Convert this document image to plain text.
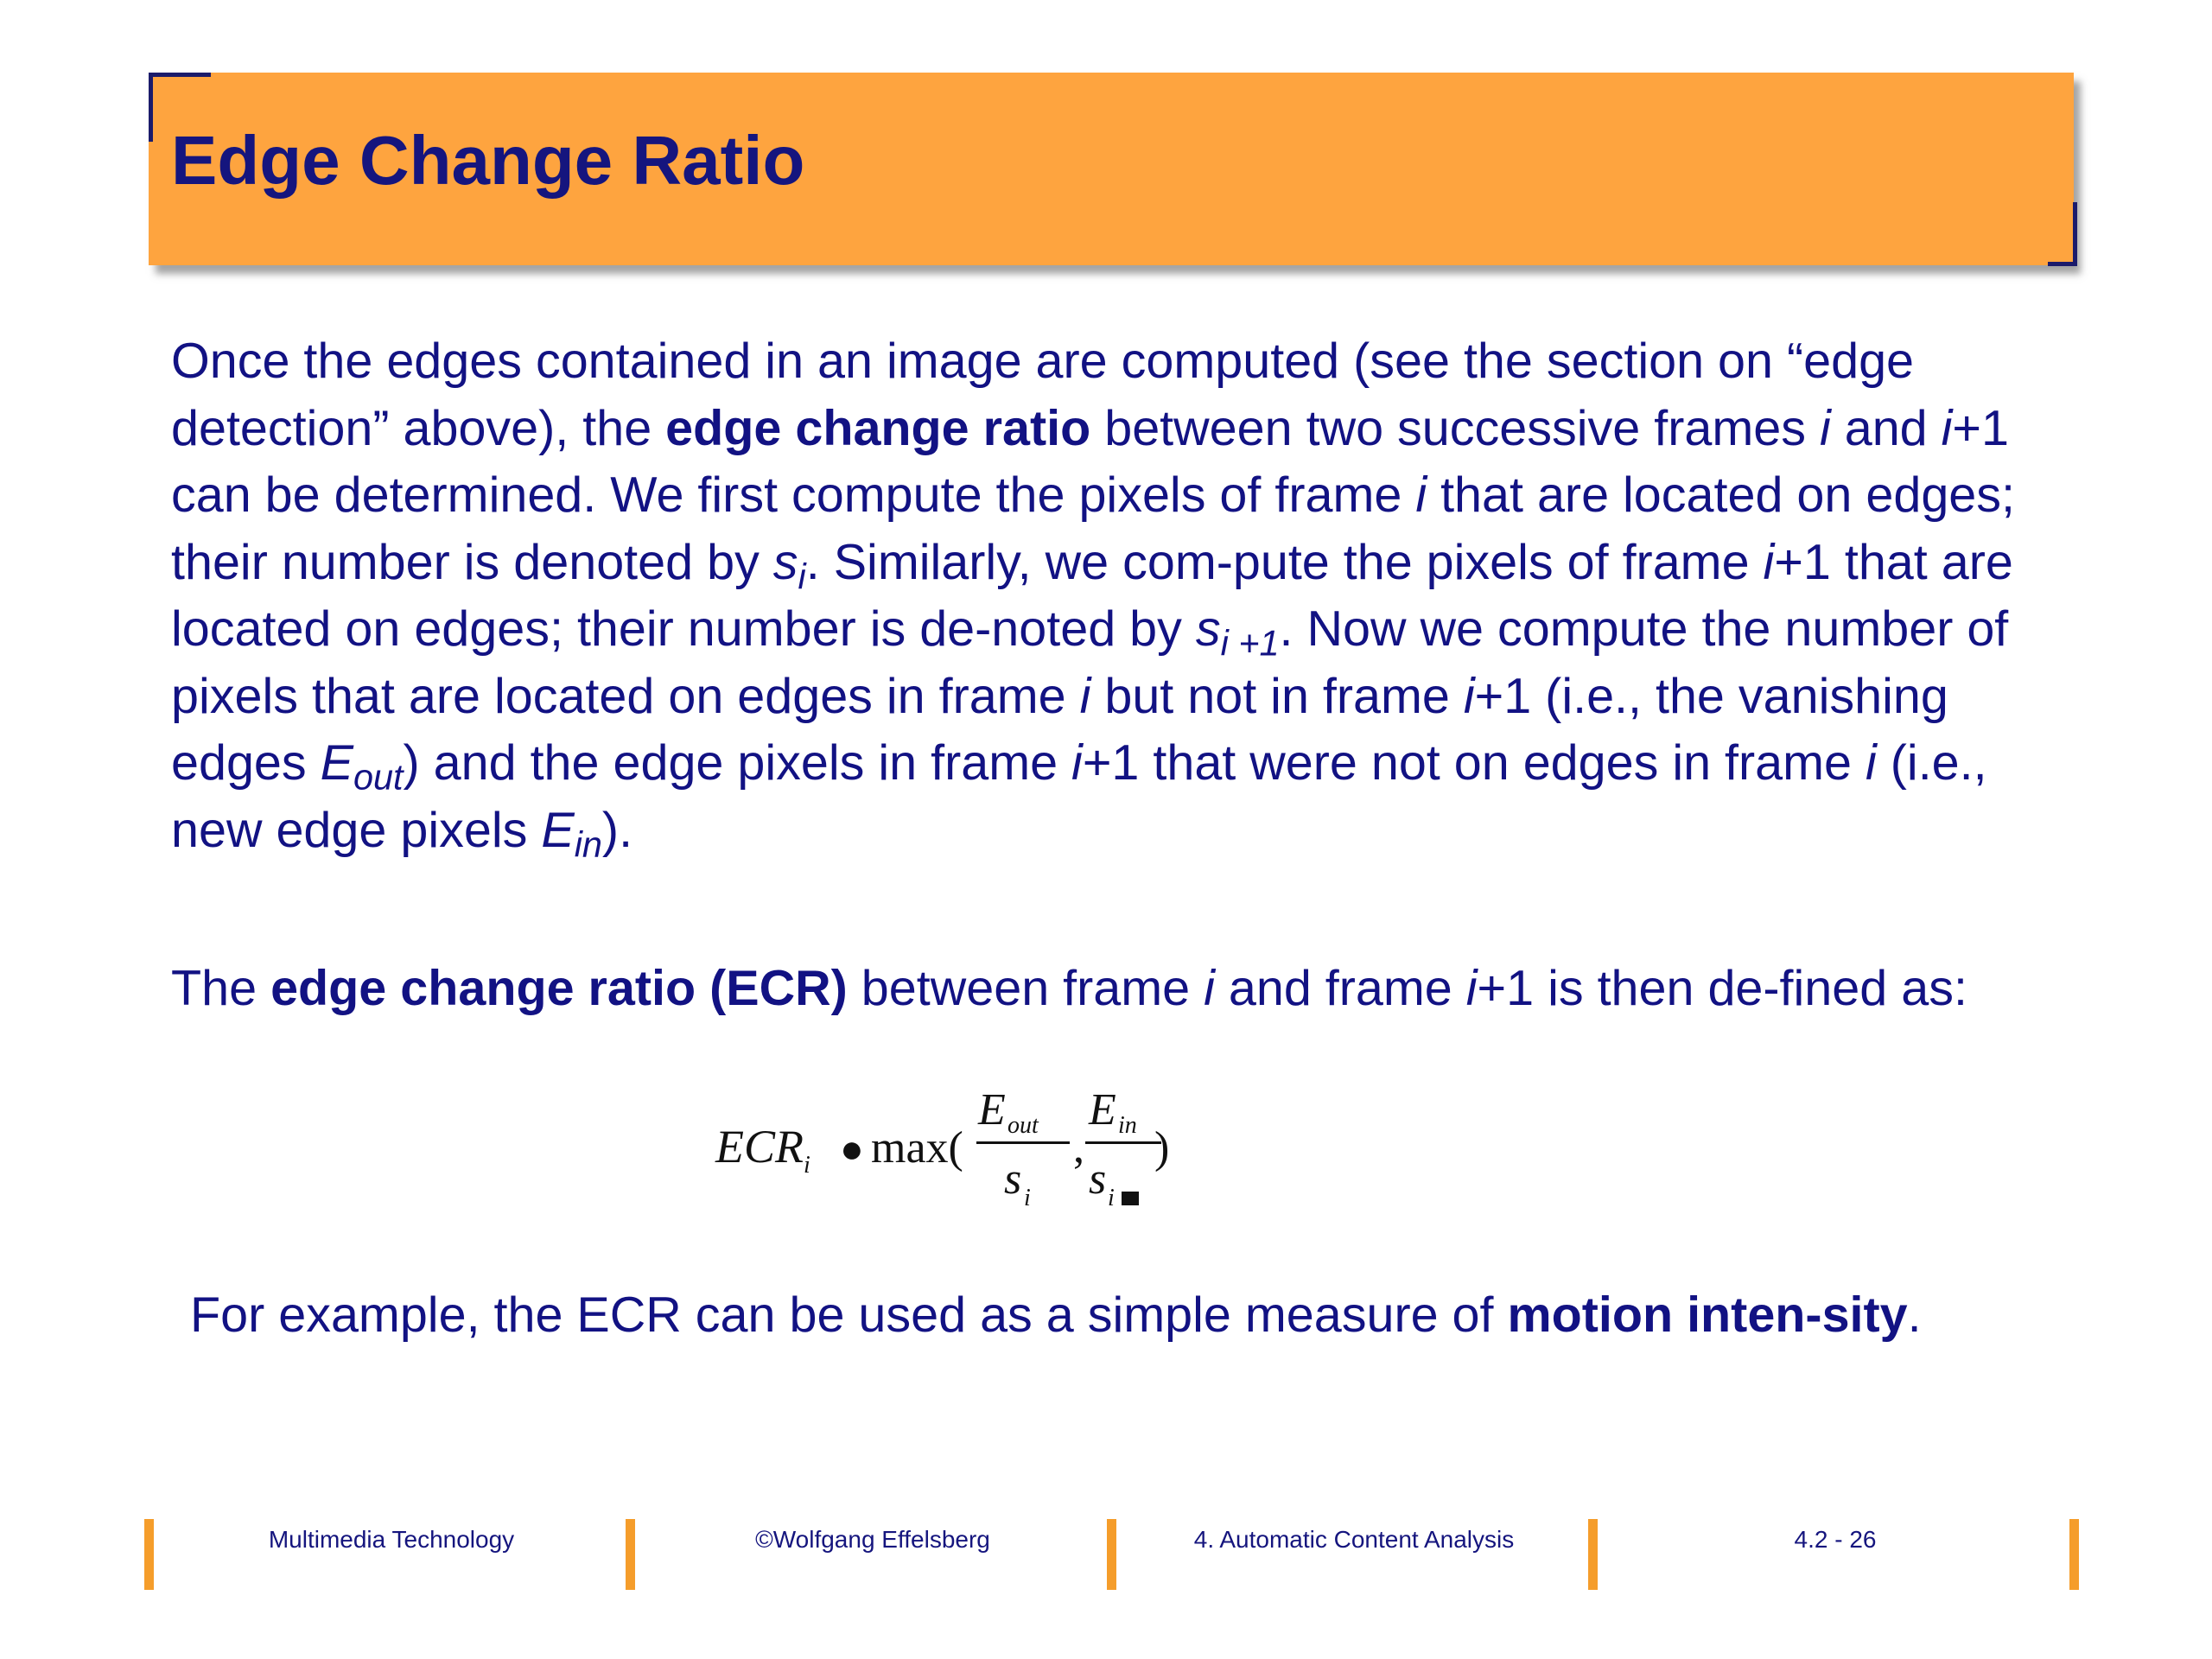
Edge Change Ratio
Once the edges contained in an image are computed (see the section on “edge detection” above), the edge change ratio between two successive frames i and i+1 can be determined. We first compute the pixels of frame i that are located on edges; their number is denoted by $s_i$. Similarly, we com-pute the pixels of frame i+1 that are located on edges; their number is de-noted by $s_{i +1}$. Now we compute the number of pixels that are located on edges in frame i but not in frame i+1 (i.e., the vanishing edges $E_{out}$) and the edge pixels in frame i+1 that were not on edges in frame i (i.e., new edge pixels $E_{in}$).
The edge change ratio (ECR) between frame i and frame i+1 is then de-fined as:
ECR i ● max(
E out
s i
,
E in
s i
)
For example, the ECR can be used as a simple measure of motion inten-sity.
Multimedia Technology	©Wolfgang Effelsberg	4. Automatic Content Analysis	4.2 - 26
